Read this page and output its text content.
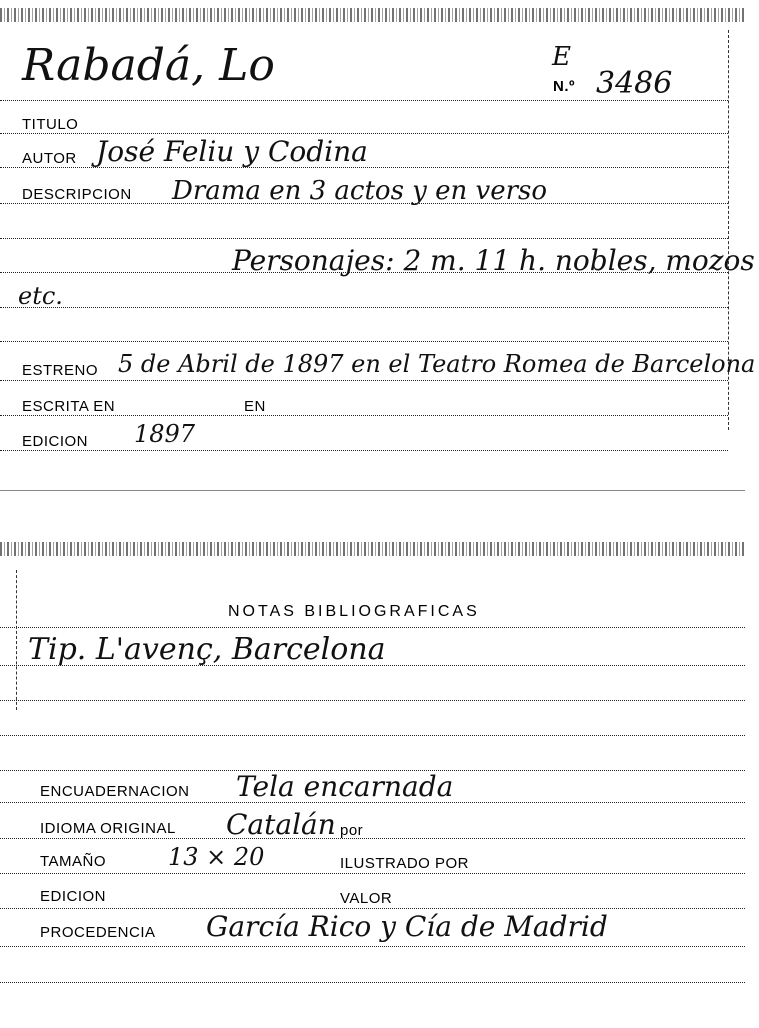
Rabadá, Lo	E
N.º 3486
TITULO
AUTOR José Feliu y Codina
DESCRIPCION Drama en 3 actos y en verso
Personajes: 2 m. 11 h. nobles, mozos
etc.
ESTRENO 5 de Abril de 1897 en el Teatro Romea de Barcelona
ESCRITA EN	EN
EDICION 1897
NOTAS BIBLIOGRAFICAS
Tip. L'avenç, Barcelona
ENCUADERNACION Tela encarnada
IDIOMA ORIGINAL Catalán por
TAMAÑO	13 × 20	ILUSTRADO POR
EDICION	VALOR
PROCEDENCIA García Rico y Cía de Madrid
